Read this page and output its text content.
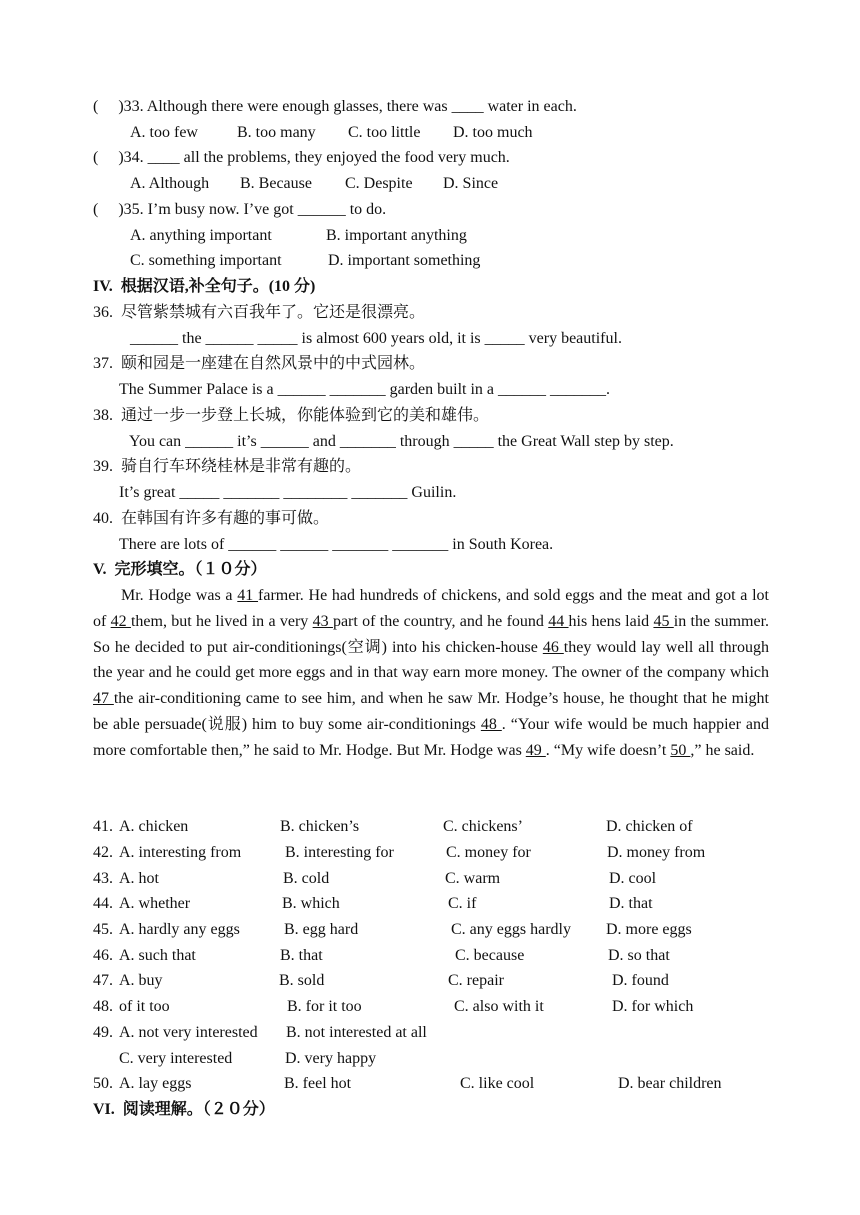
(     )33. Although there were enough glasses, there was ____ water in each.
A. too few B. too many C. too little D. too much
(     )34. ____ all the problems, they enjoyed the food very much.
A. Although B. Because C. Despite D. Since
(     )35. I’m busy now. I’ve got ______ to do.
A. anything important	B. important anything
C. something important	D. important something
IV.  根据汉语,补全句子。(10 分)
36.  尽管紫禁城有六百我年了。它还是很漂亮。
______ the ______ _____ is almost 600 years old, it is _____ very beautiful.
37.  颐和园是一座建在自然风景中的中式园林。
The Summer Palace is a ______ _______ garden built in a ______ _______.
38.  通过一步一步登上长城，你能体验到它的美和雄伟。
You can ______ it’s ______ and _______ through _____ the Great Wall step by step.
39.  骑自行车环绕桂林是非常有趣的。
It’s great _____ _______ ________ _______ Guilin.
40.  在韩国有许多有趣的事可做。
There are lots of ______ ______ _______ _______ in South Korea.
V.  完形填空。（１０分）
Mr. Hodge was a 41 farmer. He had hundreds of chickens, and sold eggs and the meat and got a lot of 42 them, but he lived in a very 43 part of the country, and he found 44 his hens laid 45 in the summer. So he decided to put air-conditionings(空调) into his chicken-house 46 they would lay well all through the year and he could get more eggs and in that way earn more money. The owner of the company which 47 the air-conditioning came to see him, and when he saw Mr. Hodge’s house, he thought that he might be able persuade(说服) him to buy some air-conditionings 48 . “Your wife would be much happier and more comfortable then,” he said to Mr. Hodge. But Mr. Hodge was 49 . “My wife doesn’t 50 ,” he said.
41. A. chicken	B. chicken’s	C. chickens’	D. chicken of
42. A. interesting from	B. interesting for	C. money for	D. money from
43. A. hot	B. cold	C. warm	D. cool
44. A. whether	B. which	C. if	D. that
45. A. hardly any eggs	B. egg hard	C. any eggs hardly D. more eggs
46. A. such that	B. that	C. because	D. so that
47. A. buy	B. sold	C. repair	D. found
48. of it too	B. for it too	C. also with it	D. for which
49. A. not very interested B. not interested at all
C. very interested	D. very happy
50. A. lay eggs	B. feel hot	C. like cool	D. bear children
VI.  阅读理解。（２０分）
